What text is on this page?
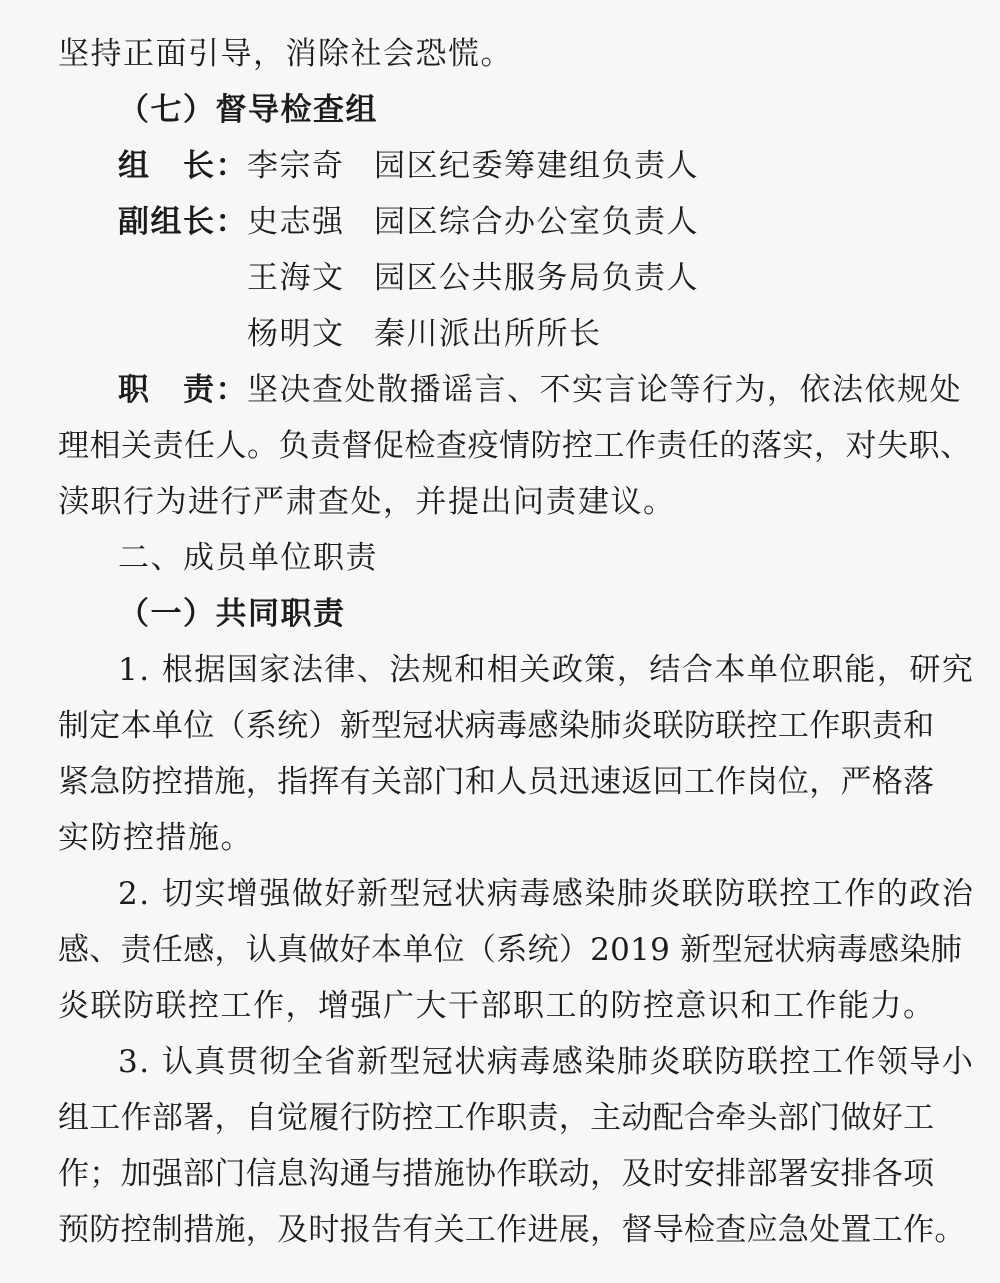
坚持正面引导，消除社会恐慌。
（七）督导检查组
组　长： 李宗奇 园区纪委筹建组负责人
副组长： 史志强 园区综合办公室负责人
王海文 园区公共服务局负责人
杨明文 秦川派出所所长
职　责： 坚决查处散播谣言、不实言论等行为，依法依规处
理相关责任人。负责督促检查疫情防控工作责任的落实，对失职、
渎职行为进行严肃查处，并提出问责建议。
二、成员单位职责
（一）共同职责
1. 根据国家法律、法规和相关政策，结合本单位职能，研究
制定本单位（系统）新型冠状病毒感染肺炎联防联控工作职责和
紧急防控措施，指挥有关部门和人员迅速返回工作岗位，严格落
实防控措施。
2. 切实增强做好新型冠状病毒感染肺炎联防联控工作的政治
感、责任感，认真做好本单位（系统）2019 新型冠状病毒感染肺
炎联防联控工作，增强广大干部职工的防控意识和工作能力。
3. 认真贯彻全省新型冠状病毒感染肺炎联防联控工作领导小
组工作部署，自觉履行防控工作职责，主动配合牵头部门做好工
作；加强部门信息沟通与措施协作联动，及时安排部署安排各项
预防控制措施，及时报告有关工作进展，督导检查应急处置工作。
